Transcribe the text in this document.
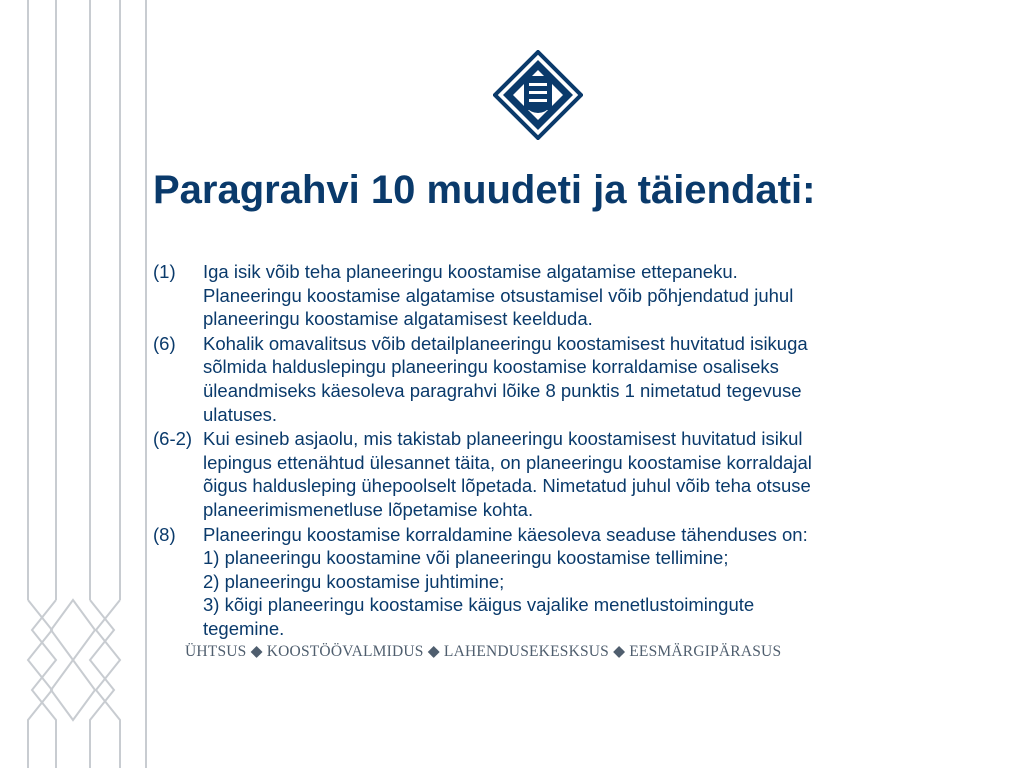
Paragrahvi 10 muudeti ja täiendati:
(1) Iga isik võib teha planeeringu koostamise algatamise ettepaneku.
Planeeringu koostamise algatamise otsustamisel võib põhjendatud juhul
planeeringu koostamise algatamisest keelduda.
(6) Kohalik omavalitsus võib detailplaneeringu koostamisest huvitatud isikuga
sõlmida halduslepingu planeeringu koostamise korraldamise osaliseks
üleandmiseks käesoleva paragrahvi lõike 8 punktis 1 nimetatud tegevuse
ulatuses.
(6-2) Kui esineb asjaolu, mis takistab planeeringu koostamisest huvitatud isikul
lepingus ettenähtud ülesannet täita, on planeeringu koostamise korraldajal
õigus haldusleping ühepoolselt lõpetada. Nimetatud juhul võib teha otsuse
planeerimismenetluse lõpetamise kohta.
(8) Planeeringu koostamise korraldamine käesoleva seaduse tähenduses on:
1) planeeringu koostamine või planeeringu koostamise tellimine;
2) planeeringu koostamise juhtimine;
3) kõigi planeeringu koostamise käigus vajalike menetlustoimingute
tegemine.
ÜHTSUS ◆ KOOSTÖÖVALMIDUS ◆ LAHENDUSEKESKSUS ◆ EESMÄRGIPÄRASUS
